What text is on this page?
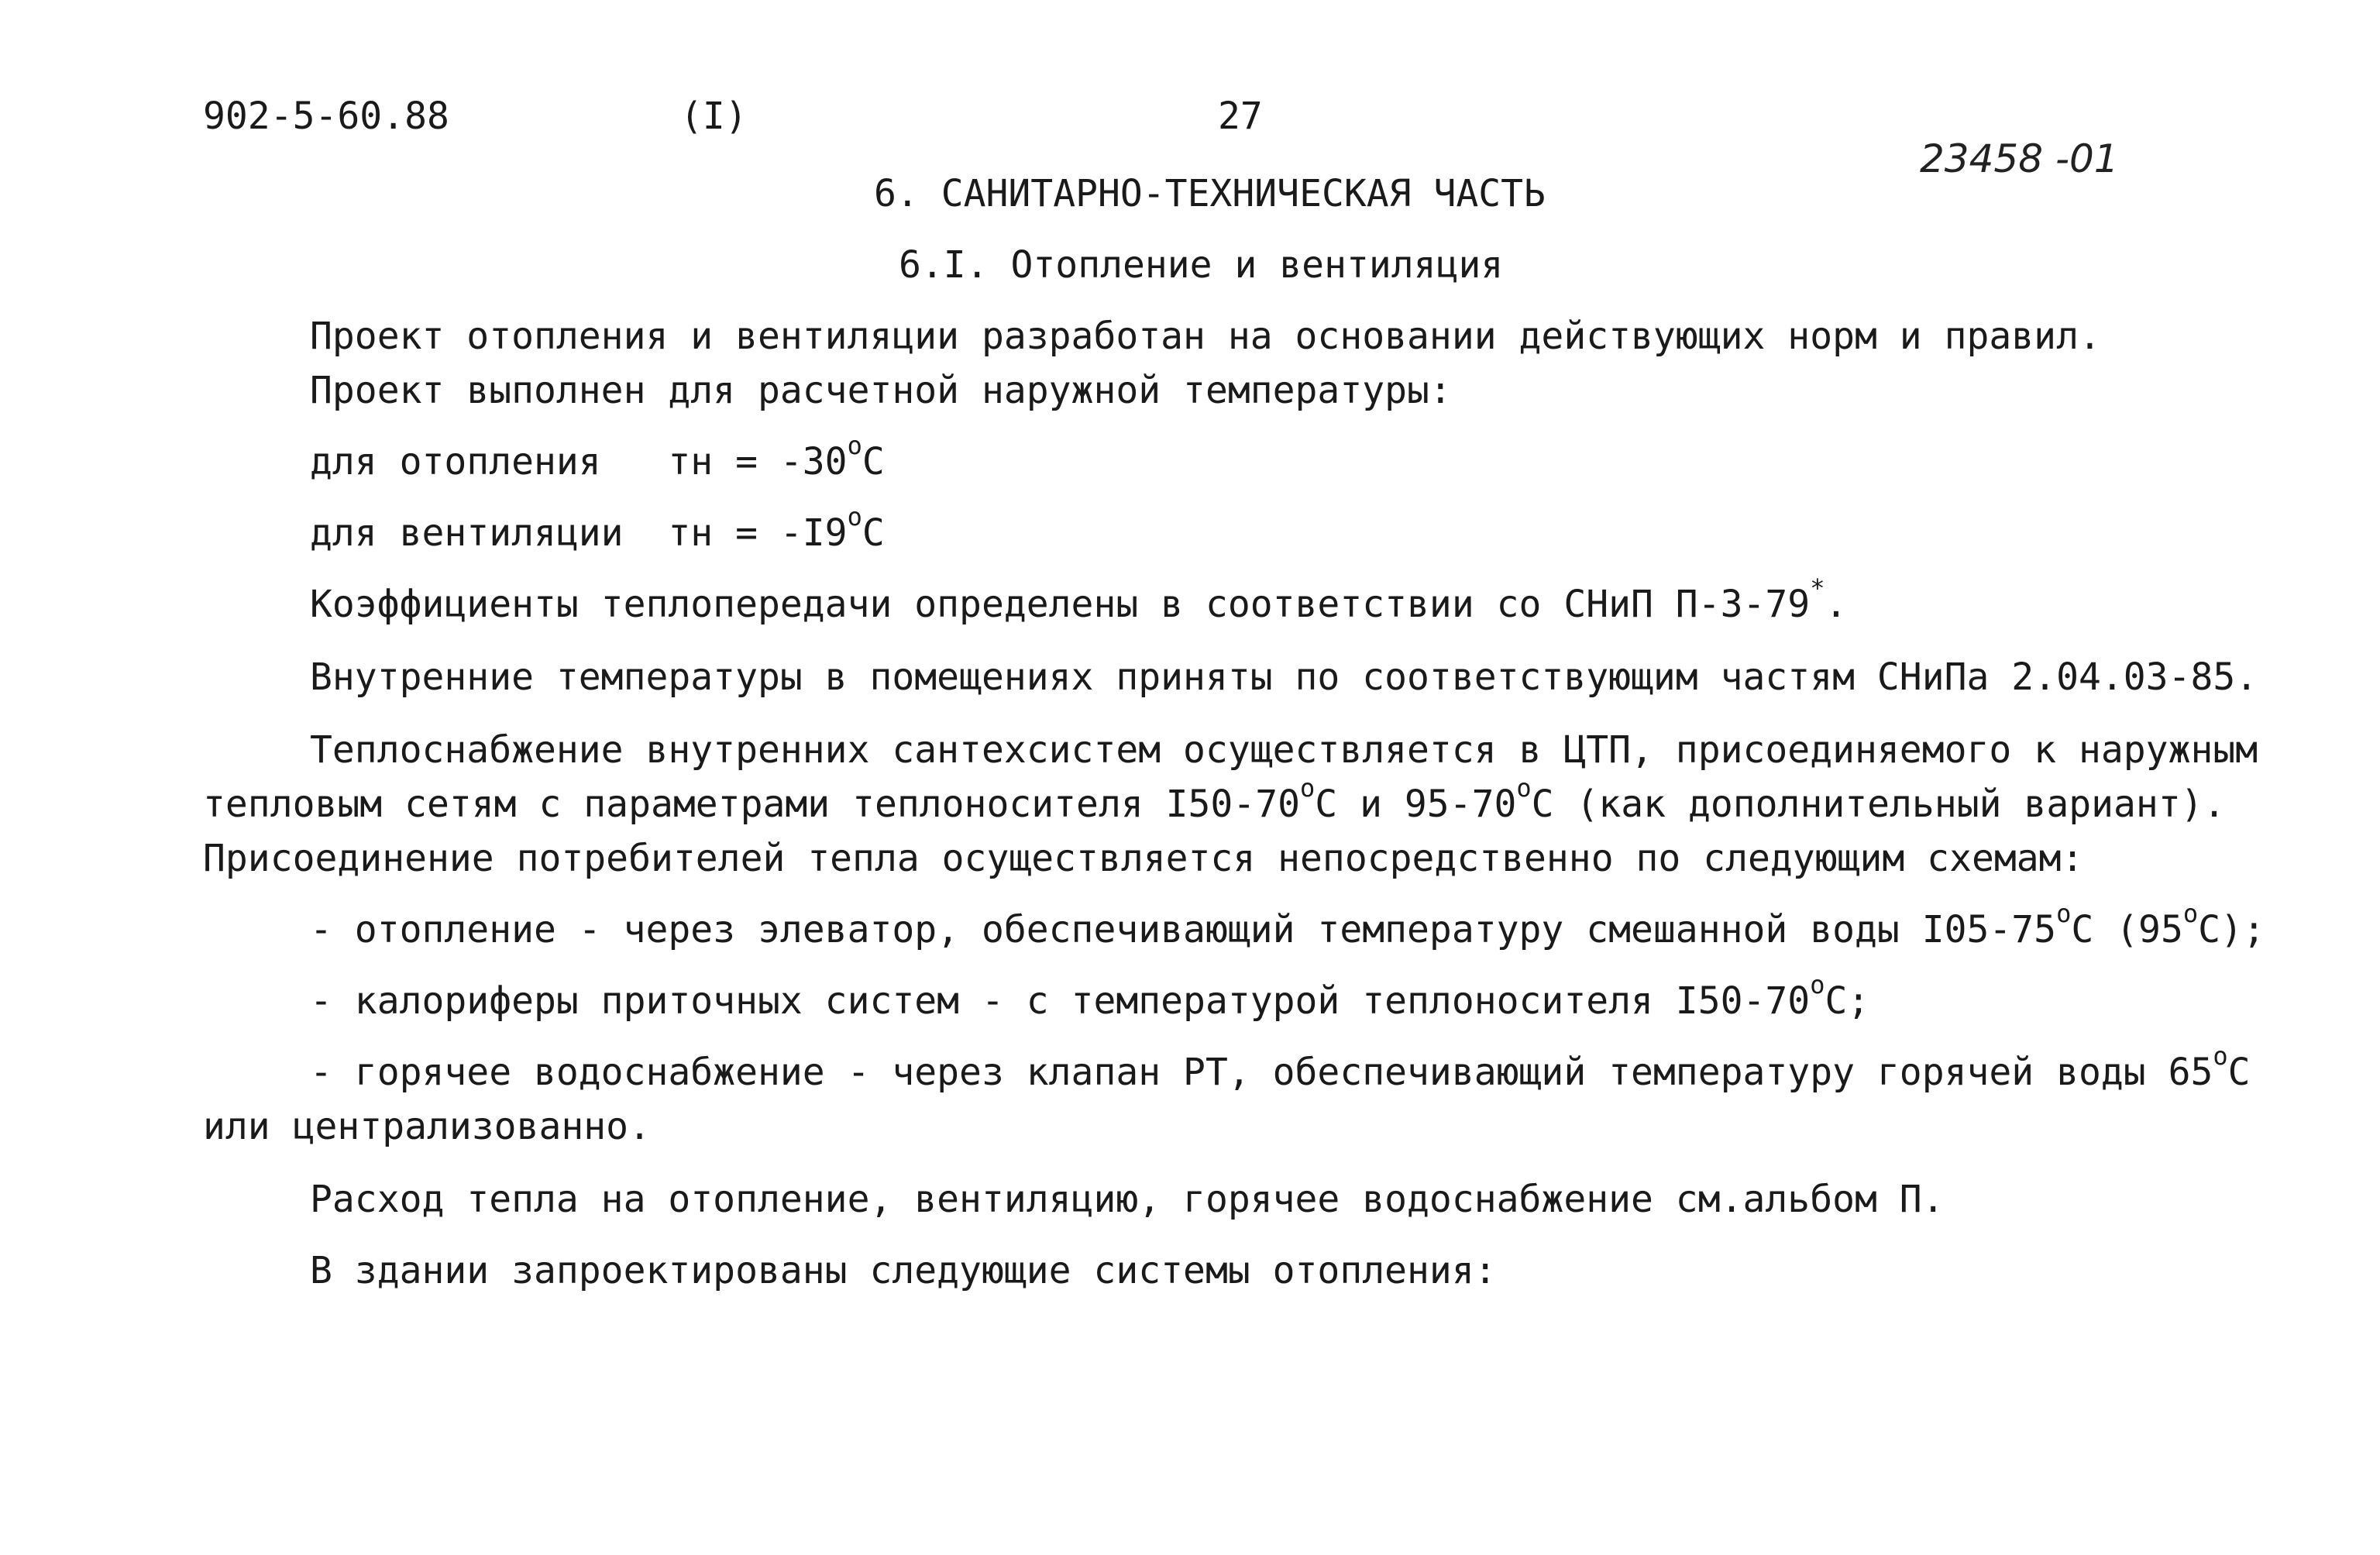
902-5-60.88	(I)	27
23458 -01
6. САНИТАРНО-ТЕХНИЧЕСКАЯ ЧАСТЬ
6.I. Отопление и вентиляция
Проект отопления и вентиляции разработан на основании действующих норм и правил.
Проект выполнен для расчетной наружной температуры:
для отопления тн = $-30^оС$
для вентиляции тн = $-I9^оС$
Коэффициенты теплопередачи определены в соответствии со СНиП П-3-79*.
Внутренние температуры в помещениях приняты по соответствующим частям СНиПа 2.04.03-85.
Теплоснабжение внутренних сантехсистем осуществляется в ЦТП, присоединяемого к наружным
тепловым сетям с параметрами теплоносителя $I50-70^оС$ и $95-70^оС$ (как дополнительный вариант).
Присоединение потребителей тепла осуществляется непосредственно по следующим схемам:
- отопление - через элеватор, обеспечивающий температуру смешанной воды $I05-75^оС$ $(95^оС)$;
- калориферы приточных систем - с температурой теплоносителя $I50-70^оС$;
- горячее водоснабжение - через клапан РТ, обеспечивающий температуру горячей воды $65^оС$
или централизованно.
Расход тепла на отопление, вентиляцию, горячее водоснабжение см.альбом П.
В здании запроектированы следующие системы отопления:
